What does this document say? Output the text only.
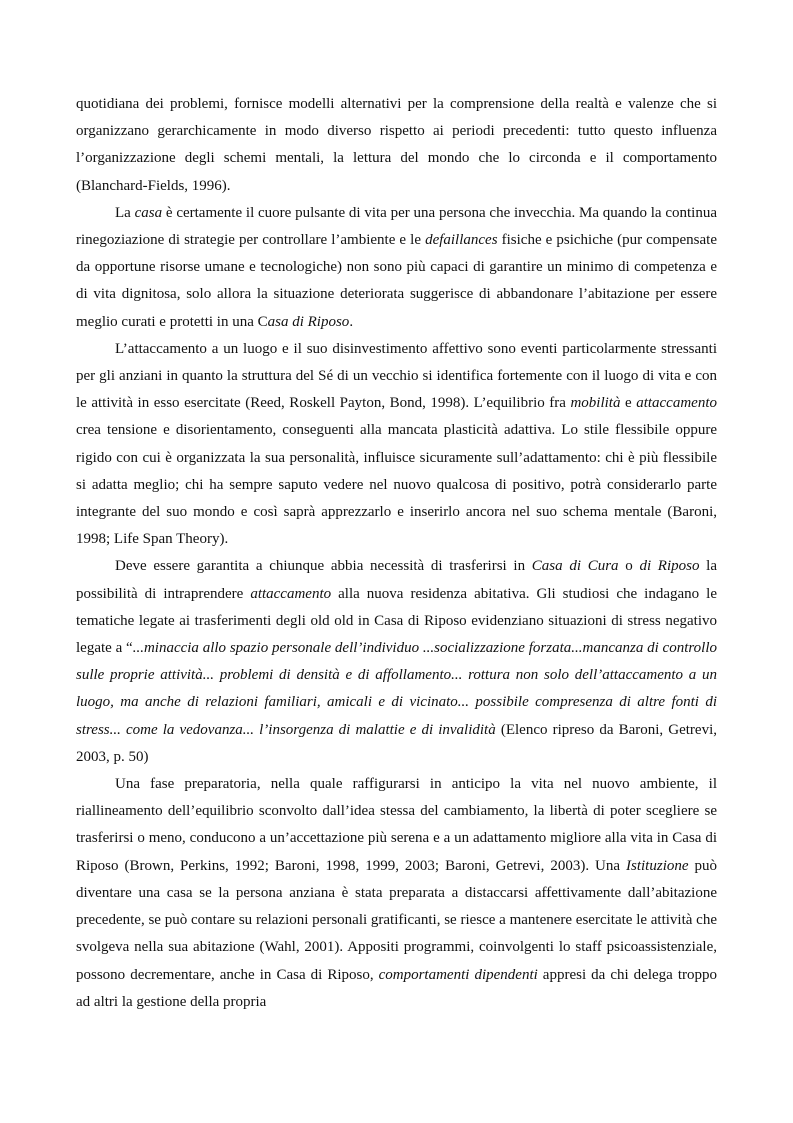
quotidiana dei problemi, fornisce modelli alternativi per la comprensione della realtà e valenze che si organizzano gerarchicamente in modo diverso rispetto ai periodi precedenti: tutto questo influenza l’organizzazione degli schemi mentali, la lettura del mondo che lo circonda e il comportamento (Blanchard-Fields, 1996).

La casa è certamente il cuore pulsante di vita per una persona che invecchia. Ma quando la continua rinegoziazione di strategie per controllare l’ambiente e le defaillances fisiche e psichiche (pur compensate da opportune risorse umane e tecnologiche) non sono più capaci di garantire un minimo di competenza e di vita dignitosa, solo allora la situazione deteriorata suggerisce di abbandonare l’abitazione per essere meglio curati e protetti in una Casa di Riposo.

L’attaccamento a un luogo e il suo disinvestimento affettivo sono eventi particolarmente stressanti per gli anziani in quanto la struttura del Sé di un vecchio si identifica fortemente con il luogo di vita e con le attività in esso esercitate (Reed, Roskell Payton, Bond, 1998). L’equilibrio fra mobilità e attaccamento crea tensione e disorientamento, conseguenti alla mancata plasticità adattiva. Lo stile flessibile oppure rigido con cui è organizzata la sua personalità, influisce sicuramente sull’adattamento: chi è più flessibile si adatta meglio; chi ha sempre saputo vedere nel nuovo qualcosa di positivo, potrà considerarlo parte integrante del suo mondo e così saprà apprezzarlo e inserirlo ancora nel suo schema mentale (Baroni, 1998; Life Span Theory).

Deve essere garantita a chiunque abbia necessità di trasferirsi in Casa di Cura o di Riposo la possibilità di intraprendere attaccamento alla nuova residenza abitativa. Gli studiosi che indagano le tematiche legate ai trasferimenti degli old old in Casa di Riposo evidenziano situazioni di stress negativo legate a “...minaccia allo spazio personale dell’individuo ...socializzazione forzata...mancanza di controllo sulle proprie attività... problemi di densità e di affollamento... rottura non solo dell’attaccamento a un luogo, ma anche di relazioni familiari, amicali e di vicinato... possibile compresenza di altre fonti di stress... come la vedovanza... l’insorgenza di malattie e di invalidità (Elenco ripreso da Baroni, Getrevi, 2003, p. 50)

Una fase preparatoria, nella quale raffigurarsi in anticipo la vita nel nuovo ambiente, il riallineamento dell’equilibrio sconvolto dall’idea stessa del cambiamento, la libertà di poter scegliere se trasferirsi o meno, conducono a un’accettazione più serena e a un adattamento migliore alla vita in Casa di Riposo (Brown, Perkins, 1992; Baroni, 1998, 1999, 2003; Baroni, Getrevi, 2003). Una Istituzione può diventare una casa se la persona anziana è stata preparata a distaccarsi affettivamente dall’abitazione precedente, se può contare su relazioni personali gratificanti, se riesce a mantenere esercitate le attività che svolgeva nella sua abitazione (Wahl, 2001). Appositi programmi, coinvolgenti lo staff psicoassistenziale, possono decrementare, anche in Casa di Riposo, comportamenti dipendenti appresi da chi delega troppo ad altri la gestione della propria
